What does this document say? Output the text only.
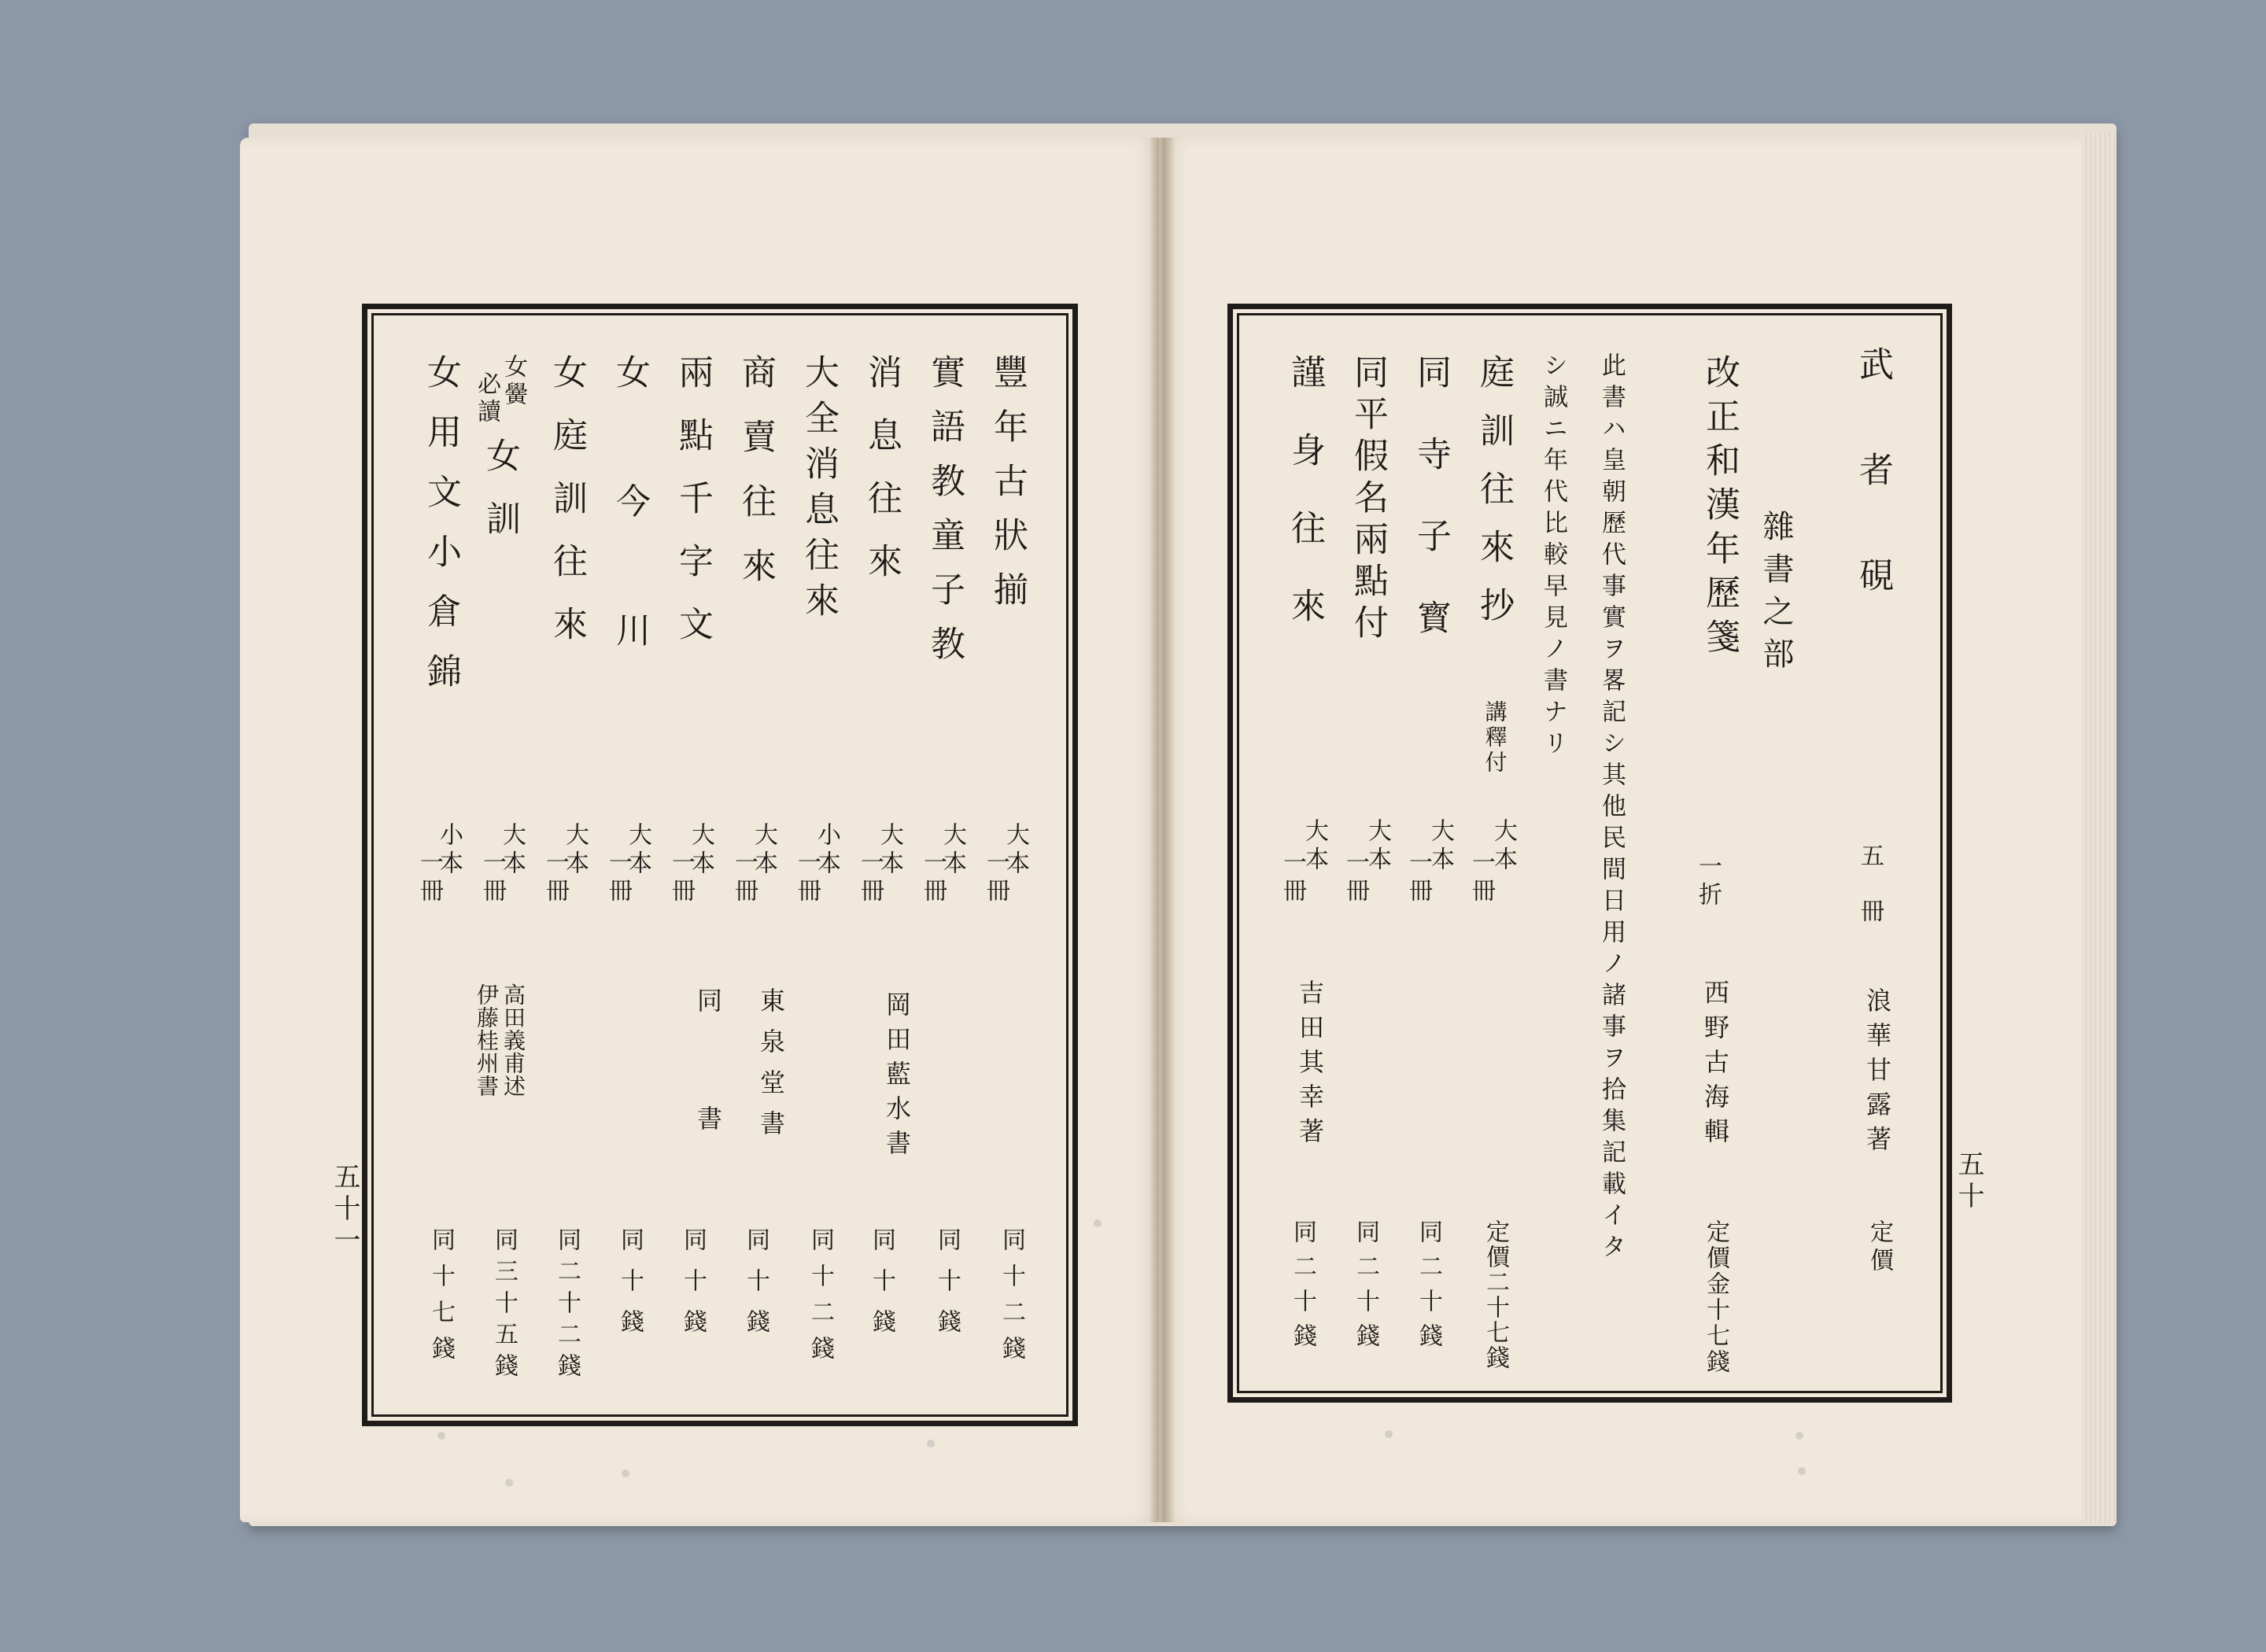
豐年古狀揃
大本
一冊
同十二錢
實語教童子教
大本
一冊
同十錢
消息往來
大本
一冊
岡田藍水書
同十錢
大全消息往來
小本
一冊
同十二錢
商賣往來
大本
一冊
東泉堂書
同十錢
兩點千字文
大本
一冊
同　　書
同十錢
女今川
大本
一冊
同十錢
女庭訓往來
大本
一冊
同二十二錢
女黌
必讀
女訓
大本
一冊
高田義甫述
伊藤桂州書
同三十五錢
女用文小倉錦
小本
一冊
同十七錢
五十一
武者硯
五冊
浪華甘露著
定價
雜書之部
改正和漢年歷箋
一折
西野古海輯
定價金十七錢
此書ハ皇朝歷代事實ヲ畧記シ其他民間日用ノ諸事ヲ拾集記載イタ
シ誠ニ年代比較早見ノ書ナリ
庭訓往來抄
講釋付
大本
一冊
定價二十七錢
同寺子寳
大本
一冊
同二十錢
同平假名兩點付
大本
一冊
同二十錢
謹身往來
大本
一冊
吉田其幸著
同二十錢
五十
